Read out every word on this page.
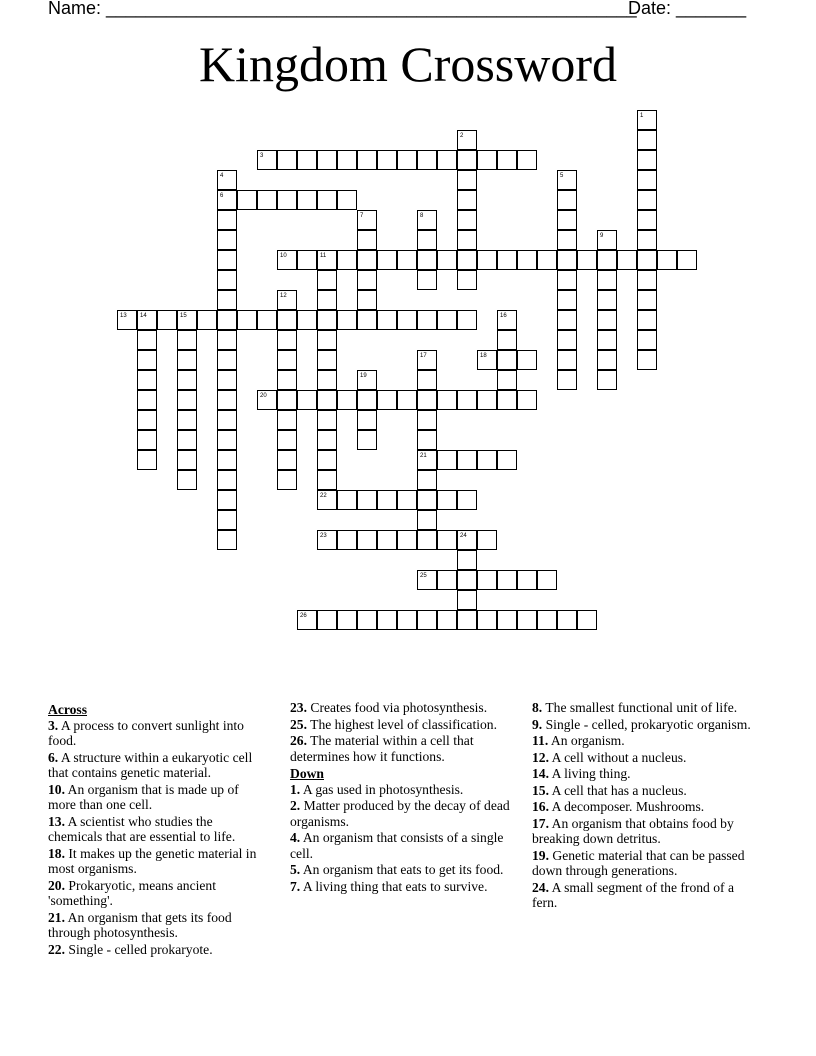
Name: _____________________________________________________
Date: _______
Kingdom Crossword
3
6
10	11
13 14	15
18
20
21
22
23	24
25
26
1
2
4	5
7	8
9
12
16
17
19
Across
3. A process to convert sunlight into food.
6. A structure within a eukaryotic cell that contains genetic material.
10. An organism that is made up of more than one cell.
13. A scientist who studies the chemicals that are essential to life.
18. It makes up the genetic material in most organisms.
20. Prokaryotic, means ancient 'something'.
21. An organism that gets its food through photosynthesis.
22. Single - celled prokaryote.
23. Creates food via photosynthesis.
25. The highest level of classification.
26. The material within a cell that determines how it functions.
Down
1. A gas used in photosynthesis.
2. Matter produced by the decay of dead organisms.
4. An organism that consists of a single cell.
5. An organism that eats to get its food.
7. A living thing that eats to survive.
8. The smallest functional unit of life.
9. Single - celled, prokaryotic organism.
11. An organism.
12. A cell without a nucleus.
14. A living thing.
15. A cell that has a nucleus.
16. A decomposer. Mushrooms.
17. An organism that obtains food by breaking down detritus.
19. Genetic material that can be passed down through generations.
24. A small segment of the frond of a fern.
